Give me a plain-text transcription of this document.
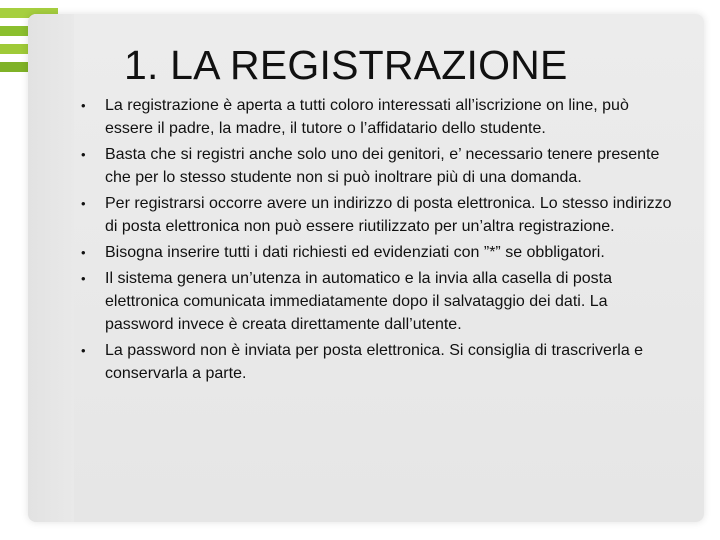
1. LA REGISTRAZIONE
• La registrazione è aperta a tutti coloro interessati all’iscrizione on line, può essere il padre, la madre, il tutore o l’affidatario dello studente.
• Basta che si registri anche solo uno dei genitori, e’ necessario tenere presente che per lo stesso studente non si può inoltrare più di una domanda.
• Per registrarsi occorre avere un indirizzo di posta elettronica. Lo stesso indirizzo di posta elettronica non può essere riutilizzato per un’altra registrazione.
• Bisogna inserire tutti i dati richiesti ed evidenziati con ”*” se obbligatori.
• Il sistema genera un’utenza in automatico e la invia alla casella di posta elettronica comunicata immediatamente dopo il salvataggio dei dati. La password invece è creata direttamente dall’utente.
• La password non è inviata per posta elettronica. Si consiglia di trascriverla e conservarla a parte.
